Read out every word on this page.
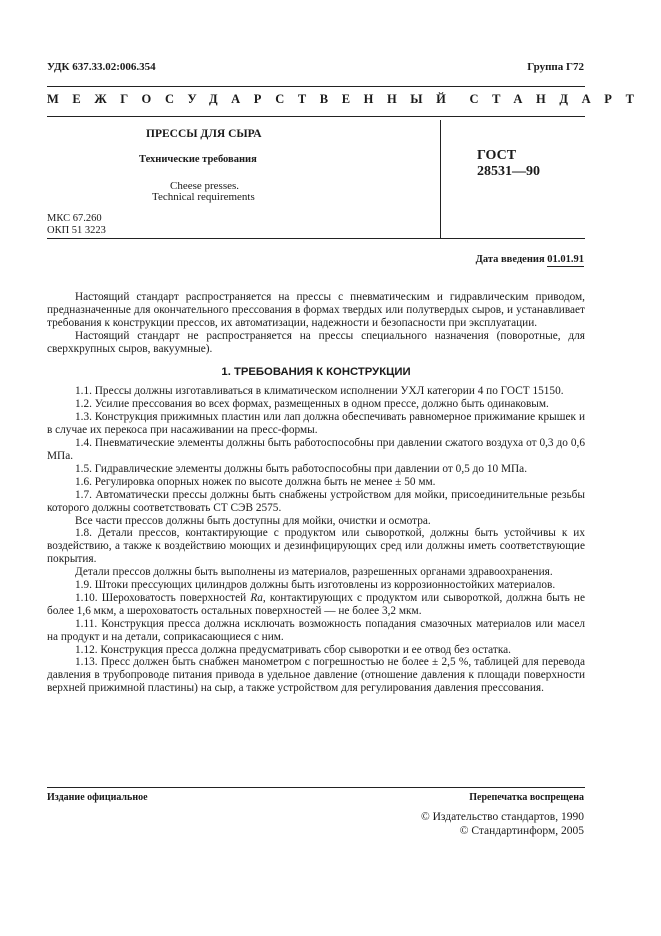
УДК 637.33.02:006.354	Группа Г72
МЕЖГОСУДАРСТВЕННЫЙ СТАНДАРТ
ПРЕССЫ ДЛЯ СЫРА
Технические требования
Cheese presses.
Technical requirements
ГОСТ
28531—90
МКС 67.260
ОКП 51 3223
Дата введения 01.01.91

Настоящий стандарт распространяется на прессы с пневматическим и гидравлическим приводом, предназначенные для окончательного прессования в формах твердых или полутвердых сыров, и устанавливает требования к конструкции прессов, их автоматизации, надежности и безопасности при эксплуатации.

Настоящий стандарт не распространяется на прессы специального назначения (поворотные, для сверхкрупных сыров, вакуумные).

1. ТРЕБОВАНИЯ К КОНСТРУКЦИИ

1.1. Прессы должны изготавливаться в климатическом исполнении УХЛ категории 4 по ГОСТ 15150.

1.2. Усилие прессования во всех формах, размещенных в одном прессе, должно быть одинаковым.

1.3. Конструкция прижимных пластин или лап должна обеспечивать равномерное прижимание крышек и в случае их перекоса при насаживании на пресс-формы.

1.4. Пневматические элементы должны быть работоспособны при давлении сжатого воздуха от 0,3 до 0,6 МПа.

1.5. Гидравлические элементы должны быть работоспособны при давлении от 0,5 до 10 МПа.

1.6. Регулировка опорных ножек по высоте должна быть не менее ± 50 мм.

1.7. Автоматически прессы должны быть снабжены устройством для мойки, присоединительные резьбы которого должны соответствовать СТ СЭВ 2575.

Все части прессов должны быть доступны для мойки, очистки и осмотра.

1.8. Детали прессов, контактирующие с продуктом или сывороткой, должны быть устойчивы к их воздействию, а также к воздействию моющих и дезинфицирующих сред или должны иметь соответствующие покрытия.

Детали прессов должны быть выполнены из материалов, разрешенных органами здравоохранения.

1.9. Штоки прессующих цилиндров должны быть изготовлены из коррозионностойких материалов.

1.10. Шероховатость поверхностей Ra, контактирующих с продуктом или сывороткой, должна быть не более 1,6 мкм, а шероховатость остальных поверхностей — не более 3,2 мкм.

1.11. Конструкция пресса должна исключать возможность попадания смазочных материалов или масел на продукт и на детали, соприкасающиеся с ним.

1.12. Конструкция пресса должна предусматривать сбор сыворотки и ее отвод без остатка.

1.13. Пресс должен быть снабжен манометром с погрешностью не более ± 2,5 %, таблицей для перевода давления в трубопроводе питания привода в удельное давление (отношение давления к площади поверхности верхней прижимной пластины) на сыр, а также устройством для регулирования давления прессования.

Издание официальное	Перепечатка воспрещена
© Издательство стандартов, 1990
© Стандартинформ, 2005
